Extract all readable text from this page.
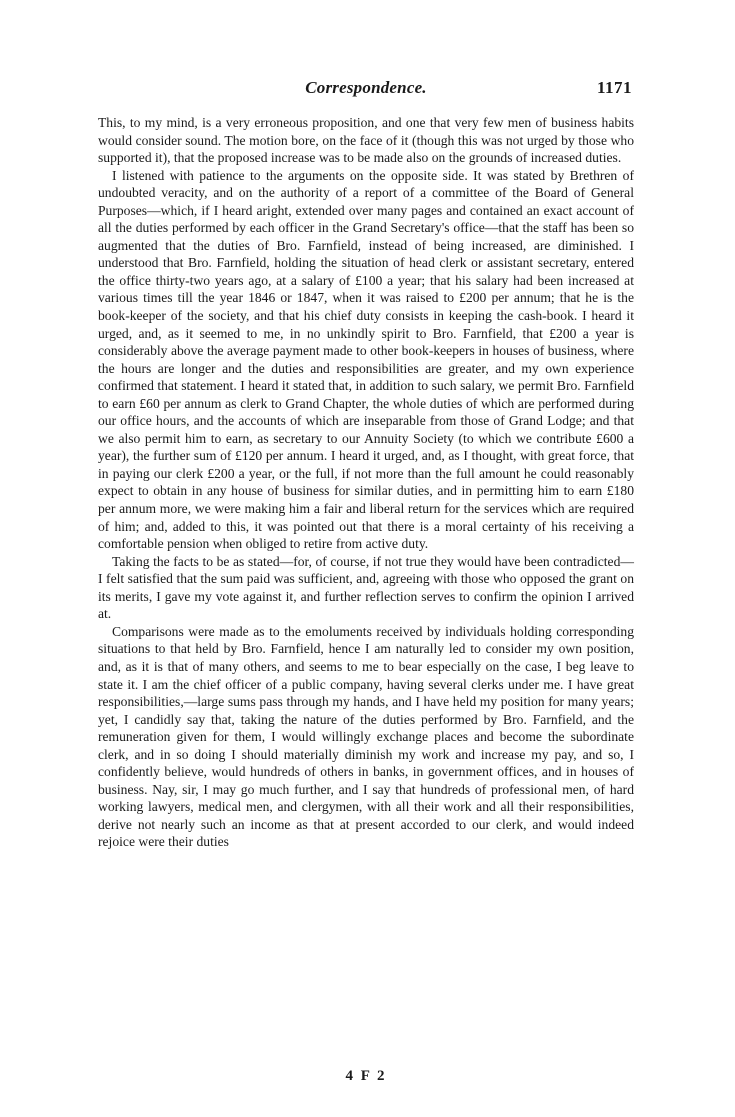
Correspondence.	1171

This, to my mind, is a very erroneous proposition, and one that very few men of business habits would consider sound. The motion bore, on the face of it (though this was not urged by those who supported it), that the proposed increase was to be made also on the grounds of increased duties.

I listened with patience to the arguments on the opposite side. It was stated by Brethren of undoubted veracity, and on the authority of a report of a committee of the Board of General Purposes—which, if I heard aright, extended over many pages and contained an exact account of all the duties performed by each officer in the Grand Secretary's office—that the staff has been so augmented that the duties of Bro. Farnfield, instead of being increased, are diminished. I understood that Bro. Farnfield, holding the situation of head clerk or assistant secretary, entered the office thirty-two years ago, at a salary of £100 a year; that his salary had been increased at various times till the year 1846 or 1847, when it was raised to £200 per annum; that he is the book-keeper of the society, and that his chief duty consists in keeping the cash-book. I heard it urged, and, as it seemed to me, in no unkindly spirit to Bro. Farnfield, that £200 a year is considerably above the average payment made to other book-keepers in houses of business, where the hours are longer and the duties and responsibilities are greater, and my own experience confirmed that statement. I heard it stated that, in addition to such salary, we permit Bro. Farnfield to earn £60 per annum as clerk to Grand Chapter, the whole duties of which are performed during our office hours, and the accounts of which are inseparable from those of Grand Lodge; and that we also permit him to earn, as secretary to our Annuity Society (to which we contribute £600 a year), the further sum of £120 per annum. I heard it urged, and, as I thought, with great force, that in paying our clerk £200 a year, or the full, if not more than the full amount he could reasonably expect to obtain in any house of business for similar duties, and in permitting him to earn £180 per annum more, we were making him a fair and liberal return for the services which are required of him; and, added to this, it was pointed out that there is a moral certainty of his receiving a comfortable pension when obliged to retire from active duty.

Taking the facts to be as stated—for, of course, if not true they would have been contradicted—I felt satisfied that the sum paid was sufficient, and, agreeing with those who opposed the grant on its merits, I gave my vote against it, and further reflection serves to confirm the opinion I arrived at.

Comparisons were made as to the emoluments received by individuals holding corresponding situations to that held by Bro. Farnfield, hence I am naturally led to consider my own position, and, as it is that of many others, and seems to me to bear especially on the case, I beg leave to state it. I am the chief officer of a public company, having several clerks under me. I have great responsibilities,—large sums pass through my hands, and I have held my position for many years; yet, I candidly say that, taking the nature of the duties performed by Bro. Farnfield, and the remuneration given for them, I would willingly exchange places and become the subordinate clerk, and in so doing I should materially diminish my work and increase my pay, and so, I confidently believe, would hundreds of others in banks, in government offices, and in houses of business. Nay, sir, I may go much further, and I say that hundreds of professional men, of hard working lawyers, medical men, and clergymen, with all their work and all their responsibilities, derive not nearly such an income as that at present accorded to our clerk, and would indeed rejoice were their duties

4 F 2
